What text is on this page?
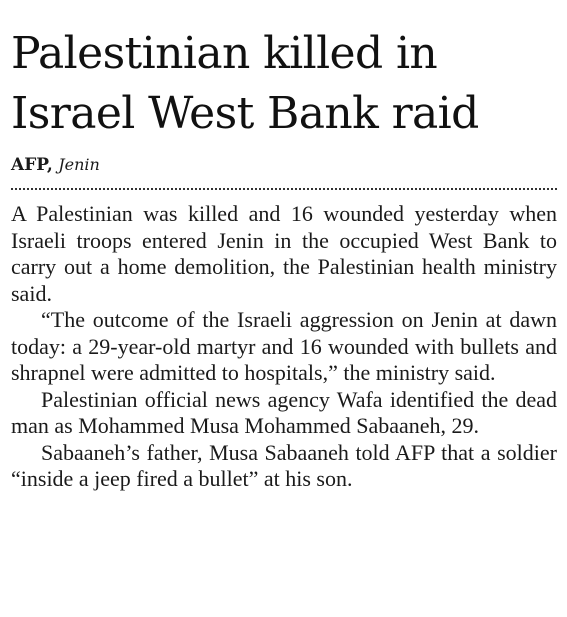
Palestinian killed in Israel West Bank raid
AFP, Jenin

A Palestinian was killed and 16 wounded yesterday when Israeli troops entered Jenin in the occupied West Bank to carry out a home demolition, the Palestinian health ministry said.

“The outcome of the Israeli aggression on Jenin at dawn today: a 29-year-old martyr and 16 wounded with bullets and shrapnel were admitted to hospitals,” the ministry said.

Palestinian official news agency Wafa identified the dead man as Mohammed Musa Mohammed Sabaaneh, 29.

Sabaaneh’s father, Musa Sabaaneh told AFP that a soldier “inside a jeep fired a bullet” at his son.
